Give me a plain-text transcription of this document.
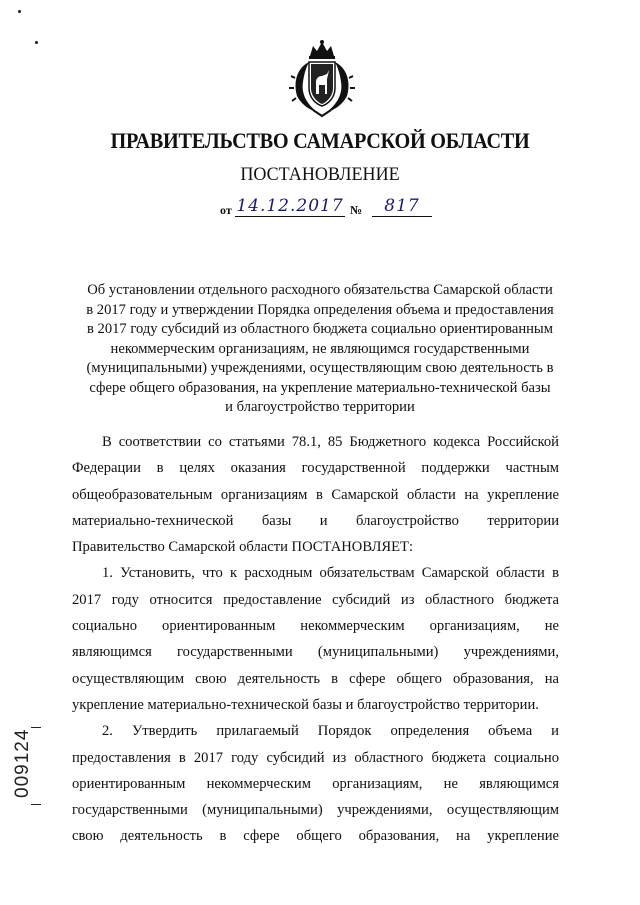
ПРАВИТЕЛЬСТВО САМАРСКОЙ ОБЛАСТИ
ПОСТАНОВЛЕНИЕ
от 14.12.2017 №	817
Об установлении отдельного расходного обязательства Самарской области
в 2017 году и утверждении Порядка определения объема и предоставления
в 2017 году субсидий из областного бюджета социально ориентированным
некоммерческим организациям, не являющимся государственными
(муниципальными) учреждениями, осуществляющим свою деятельность в
сфере общего образования, на укрепление материально-технической базы
и благоустройство территории
В соответствии со статьями 78.1, 85 Бюджетного кодекса Российской
Федерации в целях оказания государственной поддержки частным
общеобразовательным организациям в Самарской области на укрепление
материально-технической базы и благоустройство территории
Правительство Самарской области ПОСТАНОВЛЯЕТ:
1. Установить, что к расходным обязательствам Самарской области в
2017 году относится предоставление субсидий из областного бюджета
социально ориентированным некоммерческим организациям, не
являющимся государственными (муниципальными) учреждениями,
осуществляющим свою деятельность в сфере общего образования, на
укрепление материально-технической базы и благоустройство территории.
2. Утвердить прилагаемый Порядок определения объема и
предоставления в 2017 году субсидий из областного бюджета социально
ориентированным некоммерческим организациям, не являющимся
государственными (муниципальными) учреждениями, осуществляющим
свою деятельность в сфере общего образования, на укрепление
009124
